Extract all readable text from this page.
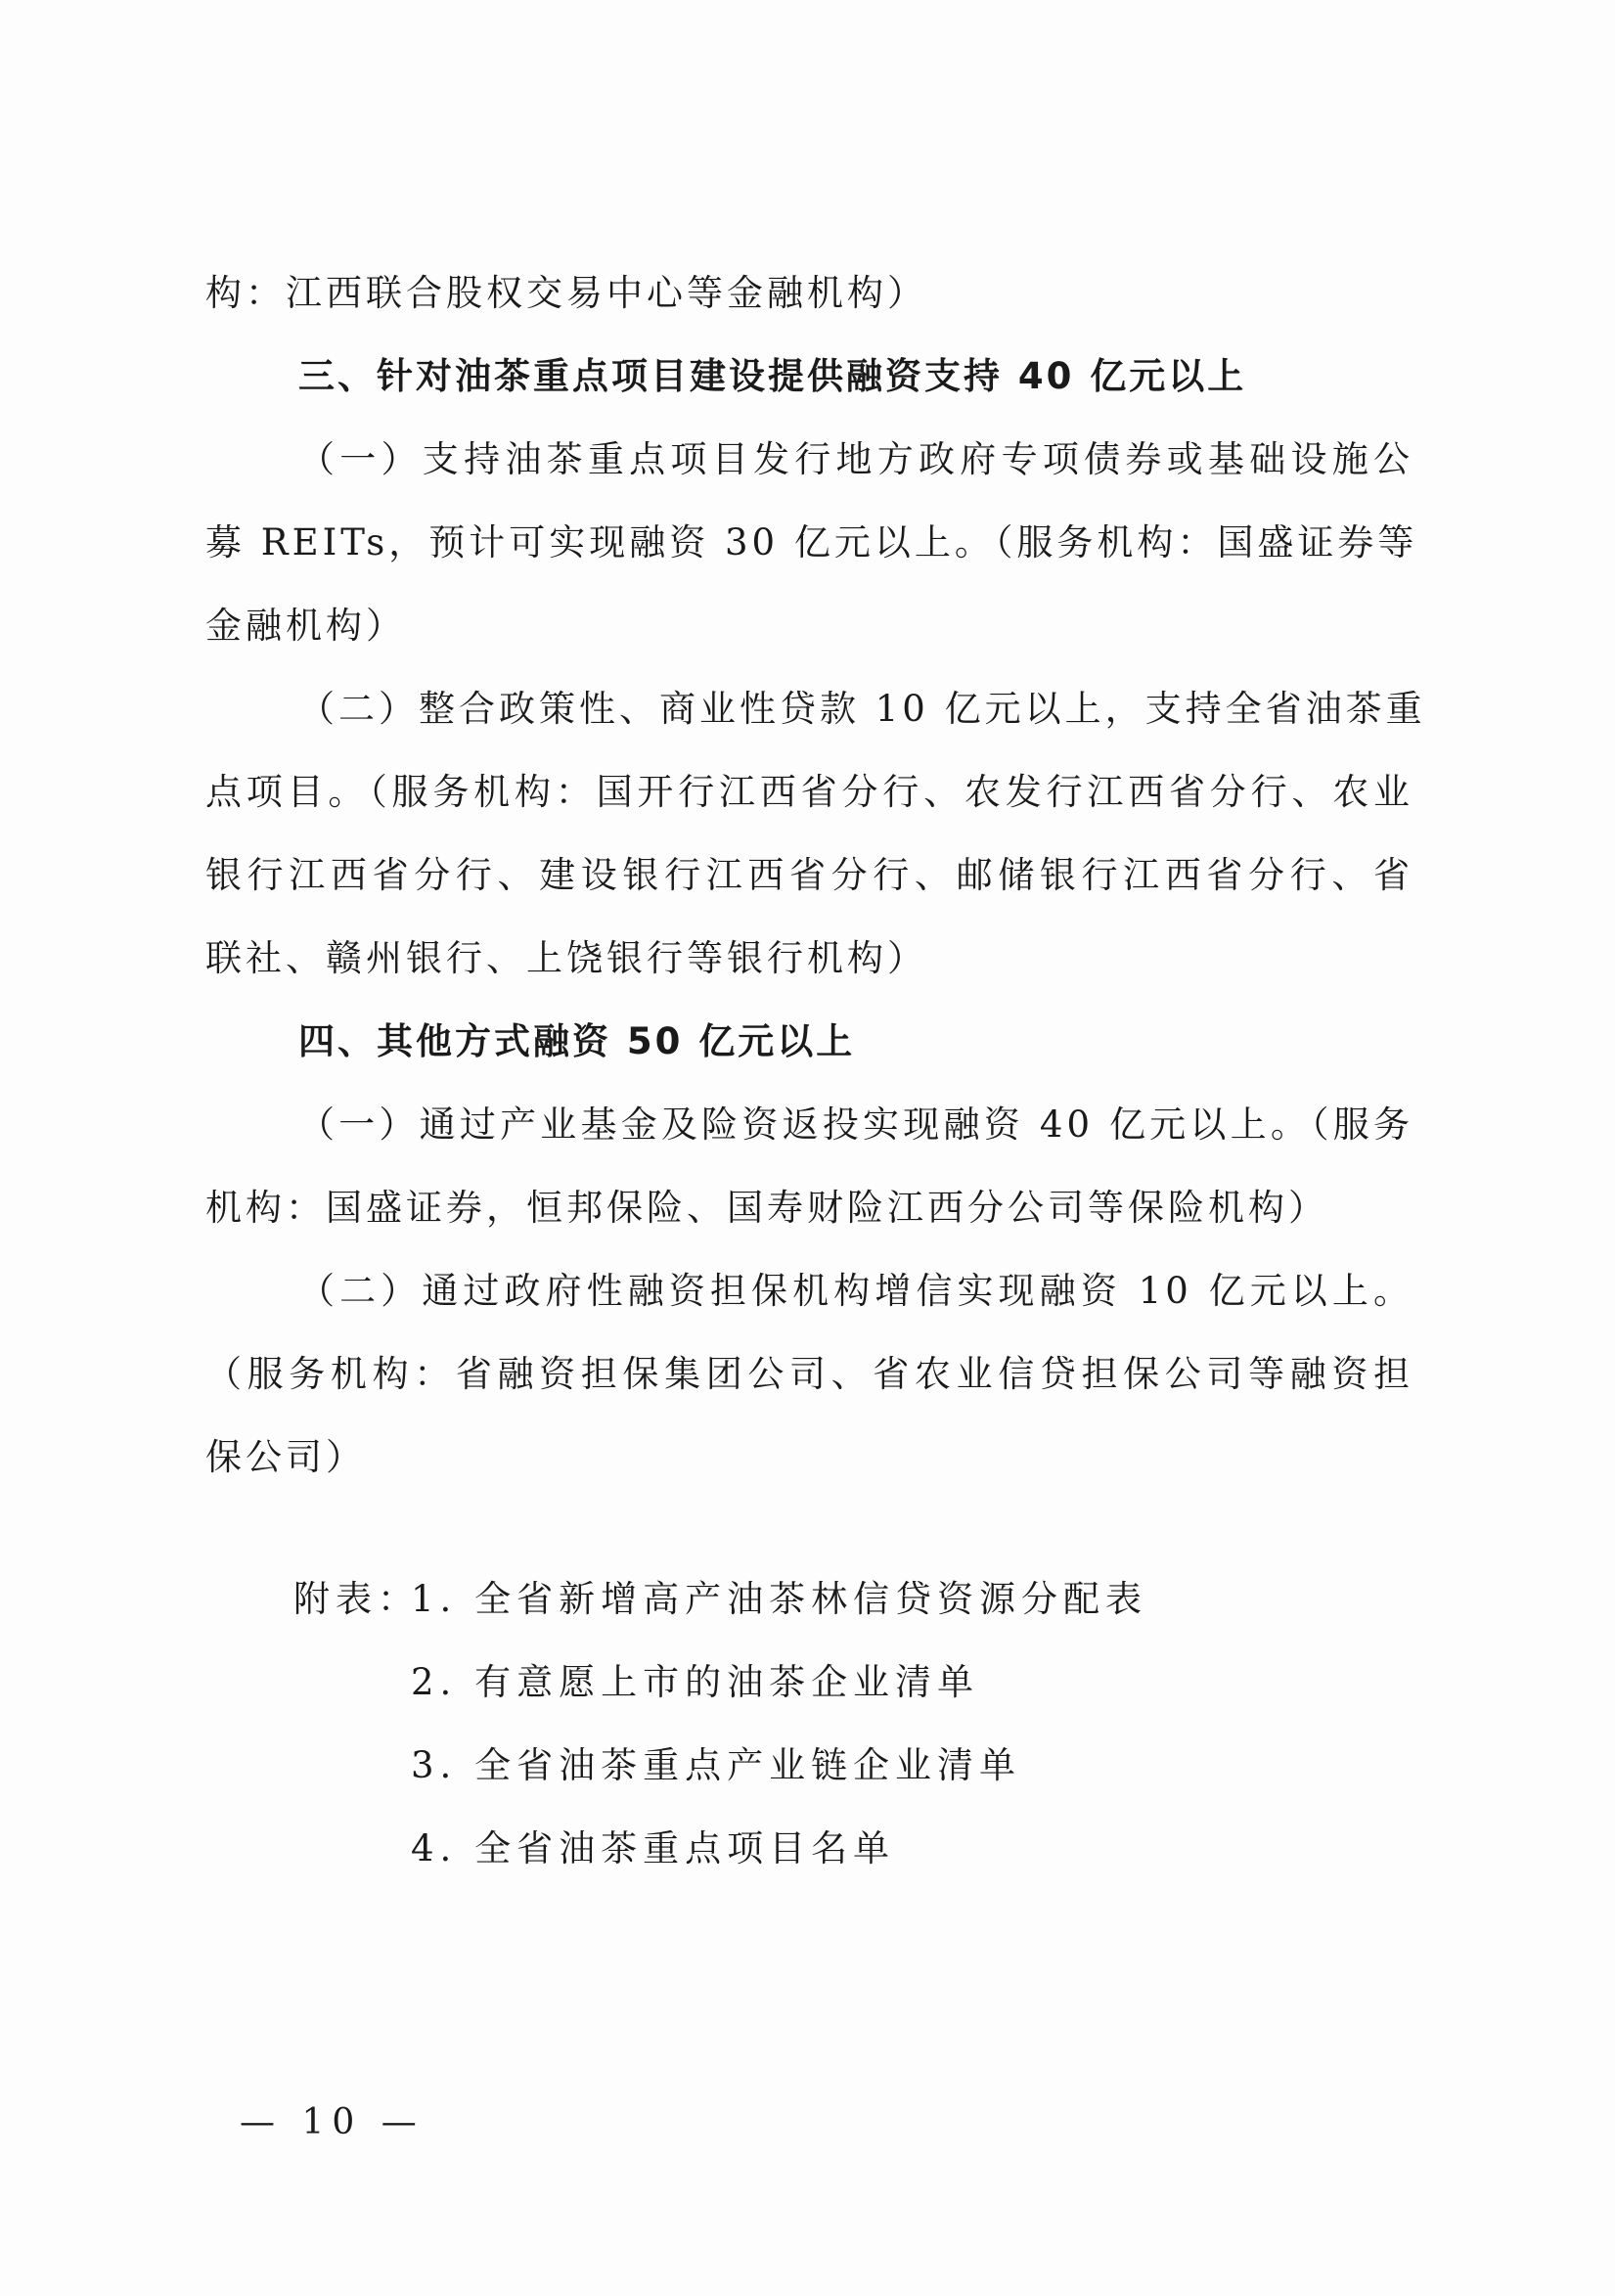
构：江西联合股权交易中心等金融机构）
三、针对油茶重点项目建设提供融资支持 40 亿元以上
（一）支持油茶重点项目发行地方政府专项债券或基础设施公
募 REITs，预计可实现融资 30 亿元以上。（服务机构：国盛证券等
金融机构）
（二）整合政策性、商业性贷款 10 亿元以上，支持全省油茶重
点项目。（服务机构：国开行江西省分行、农发行江西省分行、农业
银行江西省分行、建设银行江西省分行、邮储银行江西省分行、省
联社、赣州银行、上饶银行等银行机构）
四、其他方式融资 50 亿元以上
（一）通过产业基金及险资返投实现融资 40 亿元以上。（服务
机构：国盛证券，恒邦保险、国寿财险江西分公司等保险机构）
（二）通过政府性融资担保机构增信实现融资 10 亿元以上。
（服务机构：省融资担保集团公司、省农业信贷担保公司等融资担
保公司）
附表：
1. 全省新增高产油茶林信贷资源分配表
2. 有意愿上市的油茶企业清单
3. 全省油茶重点产业链企业清单
4. 全省油茶重点项目名单
— 10 —
